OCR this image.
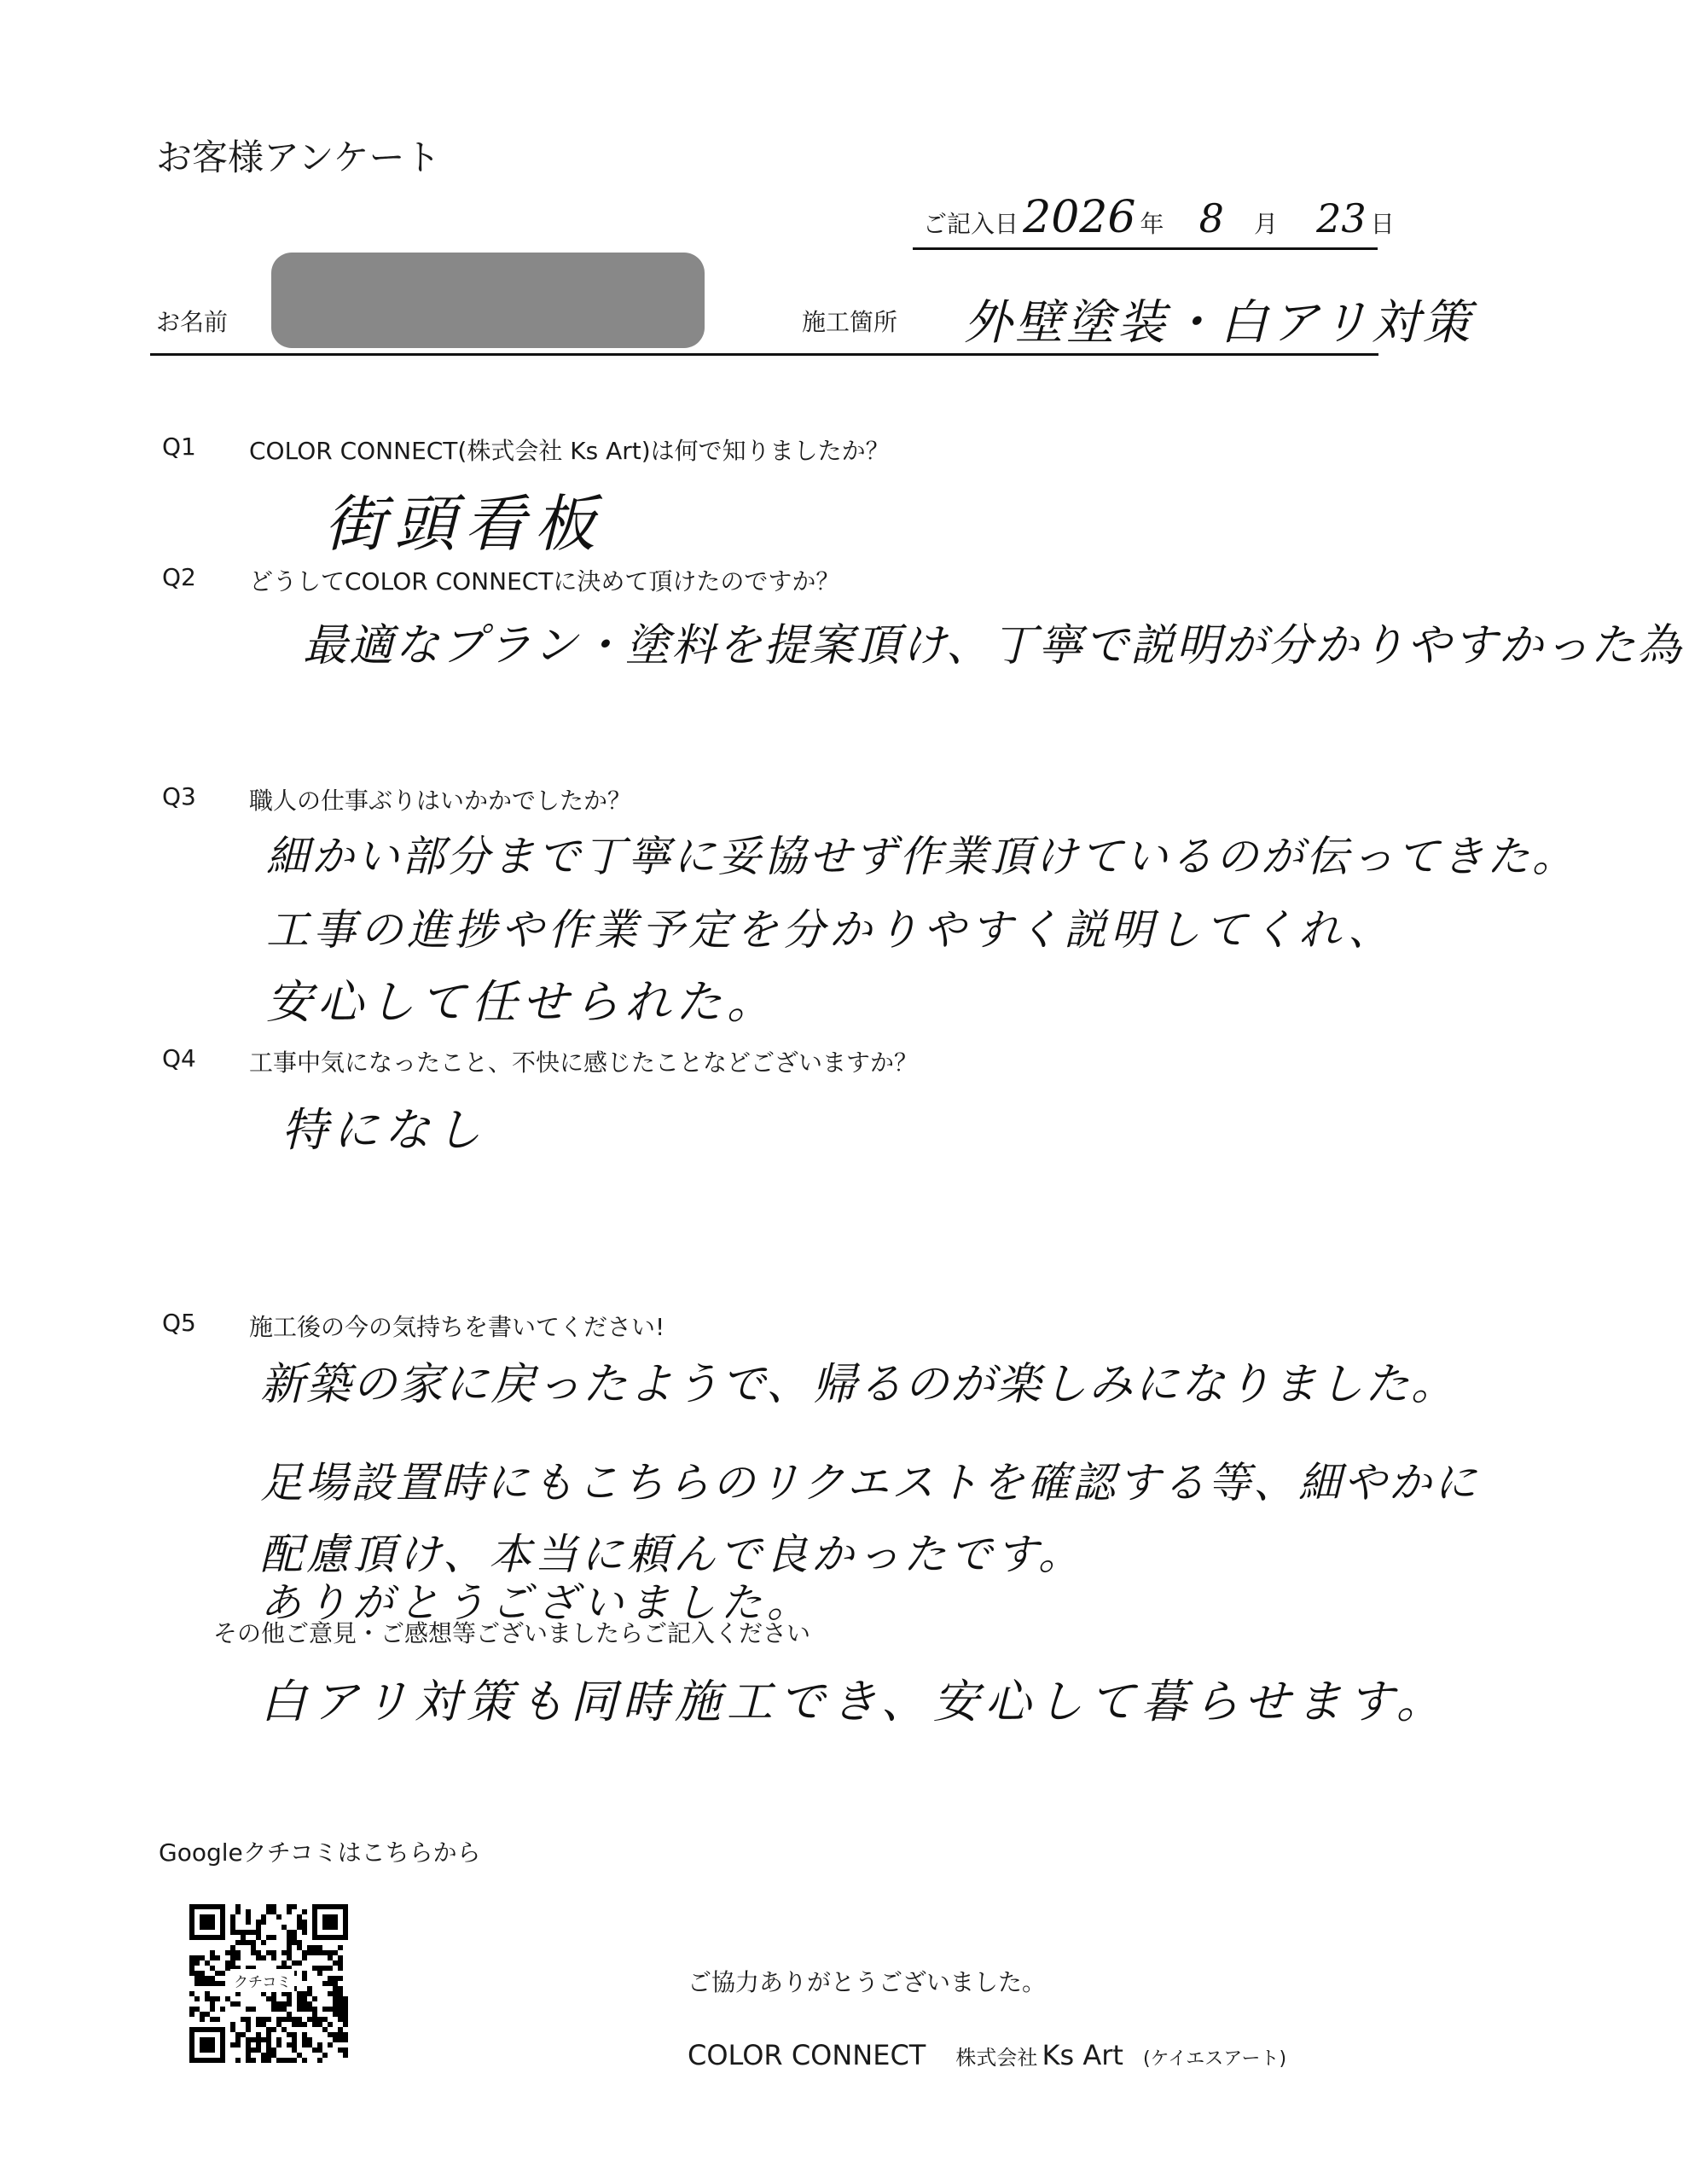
お客様アンケート
ご記入日 2026 年 8 月 23 日
お名前	施工箇所 外壁塗装・白アリ対策
Q1 COLOR CONNECT(株式会社 Ks Art)は何で知りましたか？
街頭看板
Q2 どうしてCOLOR CONNECTに決めて頂けたのですか？
最適なプラン・塗料を提案頂け、丁寧で説明が分かりやすかった為
Q3 職人の仕事ぶりはいかかでしたか？
細かい部分まで丁寧に妥協せず作業頂けているのが伝ってきた。
工事の進捗や作業予定を分かりやすく説明してくれ、
安心して任せられた。
Q4 工事中気になったこと、不快に感じたことなどございますか？
特になし
Q5 施工後の今の気持ちを書いてください!
新築の家に戻ったようで、帰るのが楽しみになりました。
足場設置時にもこちらのリクエストを確認する等、細やかに
配慮頂け、本当に頼んで良かったです。
ありがとうございました。
その他ご意見・ご感想等ございましたらご記入ください
白アリ対策も同時施工でき、安心して暮らせます。
Googleクチコミはこちらから
クチコミ	ご協力ありがとうございました。
COLOR CONNECT 株式会社 Ks Art (ケイエスアート)
